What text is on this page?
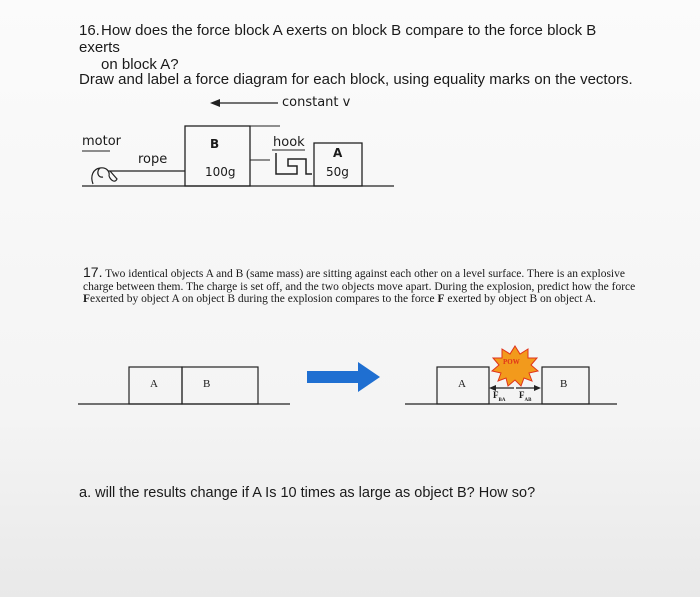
16.How does the force block A exerts on block B compare to the force block B exerts
on block A?
Draw and label a force diagram for each block, using equality marks on the vectors.
constant v
motor
rope
hook
B
100g
A
50g
17. Two identical objects A and B (same mass) are sitting against each other on a level surface. There is an explosive charge between them. The charge is set off, and the two objects move apart. During the explosion, predict how the force Fexerted by object A on object B during the explosion compares to the force F exerted by object B on object A.
A	B	A	B
POW
$F_{BA}$
$F_{AB}$
a. will the results change if A Is 10 times as large as object B? How so?
